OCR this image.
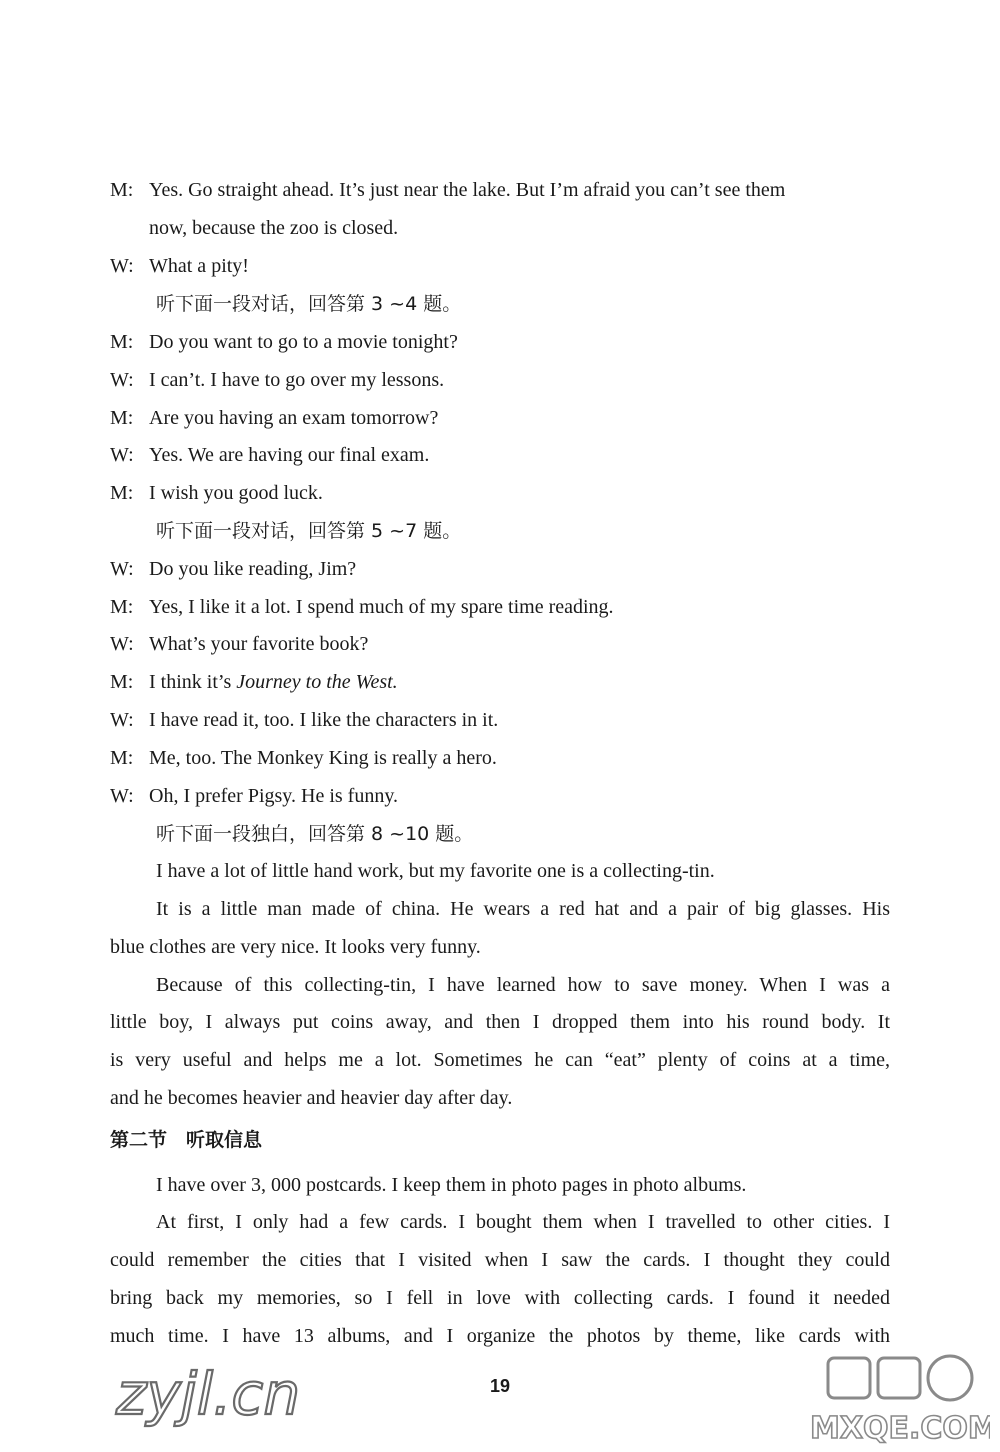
M: Yes. Go straight ahead. It’s just near the lake. But I’m afraid you can’t see them
now, because the zoo is closed.
W: What a pity!
听下面一段对话，回答第 3 ~4 题。
M: Do you want to go to a movie tonight?
W: I can’t. I have to go over my lessons.
M: Are you having an exam tomorrow?
W: Yes. We are having our final exam.
M: I wish you good luck.
听下面一段对话，回答第 5 ~7 题。
W: Do you like reading, Jim?
M: Yes, I like it a lot. I spend much of my spare time reading.
W: What’s your favorite book?
M: I think it’s Journey to the West.
W: I have read it, too. I like the characters in it.
M: Me, too. The Monkey King is really a hero.
W: Oh, I prefer Pigsy. He is funny.
听下面一段独白，回答第 8 ~10 题。
I have a lot of little hand work, but my favorite one is a collecting-tin.
It is a little man made of china. He wears a red hat and a pair of big glasses. His
blue clothes are very nice. It looks very funny.
Because of this collecting-tin, I have learned how to save money. When I was a
little boy, I always put coins away, and then I dropped them into his round body. It
is very useful and helps me a lot. Sometimes he can “eat” plenty of coins at a time,
and he becomes heavier and heavier day after day.
第二节　听取信息
I have over 3, 000 postcards. I keep them in photo pages in photo albums.
At first, I only had a few cards. I bought them when I travelled to other cities. I
could remember the cities that I visited when I saw the cards. I thought they could
bring back my memories, so I fell in love with collecting cards. I found it needed
much time. I have 13 albums, and I organize the photos by theme, like cards with
19
zyjl.cn
MXQE.COM
